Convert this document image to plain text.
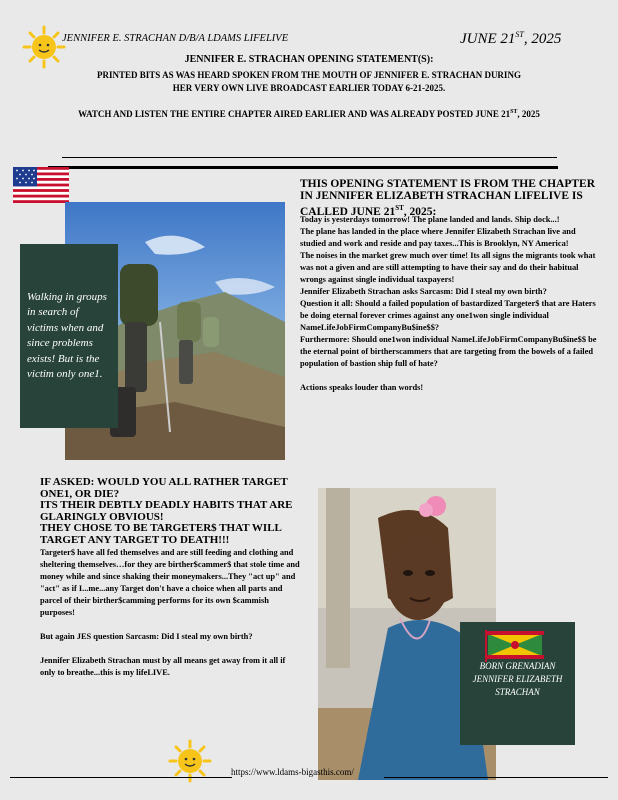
JENNIFER E. STRACHAN D/B/A LDAMS LIFELIVE	JUNE 21ST, 2025
JENNIFER E. STRACHAN OPENING STATEMENT(S):
PRINTED BITS AS WAS HEARD SPOKEN FROM THE MOUTH OF JENNIFER E. STRACHAN DURING
HER VERY OWN LIVE BROADCAST EARLIER TODAY 6-21-2025.
WATCH AND LISTEN THE ENTIRE CHAPTER AIRED EARLIER AND WAS ALREADY POSTED JUNE 21ST, 2025
Walking in groups in search of victims when and since problems exists! But is the victim only one1.
THIS OPENING STATEMENT IS FROM THE CHAPTER IN JENNIFER ELIZABETH STRACHAN LIFELIVE IS CALLED JUNE 21ST, 2025:

Today is yesterdays tomorrow! The plane landed and lands. Ship dock...!

The plane has landed in the place where Jennifer Elizabeth Strachan live and studied and work and reside and pay taxes...This is Brooklyn, NY America!

The noises in the market grew much over time! Its all signs the migrants took what was not a given and are still attempting to have their say and do their habitual wrongs against single individual taxpayers!

Jennifer Elizabeth Strachan asks Sarcasm: Did I steal my own birth?

Question it all: Should a failed population of bastardized Targeter$ that are Haters be doing eternal forever crimes against any one1won single individual NameLifeJobFirmCompanyBu$ine$$?

Furthermore: Should one1won individual NameLifeJobFirmCompanyBu$ine$$ be the eternal point of birtherscammers that are targeting from the bowels of a failed population of bastion ship full of hate?

Actions speaks louder than words!

IF ASKED: WOULD YOU ALL RATHER TARGET ONE1, OR DIE?

ITS THEIR DEBTLY DEADLY HABITS THAT ARE GLARINGLY OBVIOUS!

THEY CHOSE TO BE TARGETER$ THAT WILL TARGET ANY TARGET TO DEATH!!!

Targeter$ have all fed themselves and are still feeding and clothing and sheltering themselves…for they are birther$cammer$ that stole time and money while and since shaking their moneymakers...They "act up" and "act" as if I...me...any Target don't have a choice when all parts and parcel of their birther$camming performs for its own $cammish purposes!

But again JES question Sarcasm: Did I steal my own birth?

Jennifer Elizabeth Strachan must by all means get away from it all if only to breathe...this is my lifeLIVE.

BORN GRENADIAN JENNIFER ELIZABETH STRACHAN
https://www.ldams-bigasthis.com/
